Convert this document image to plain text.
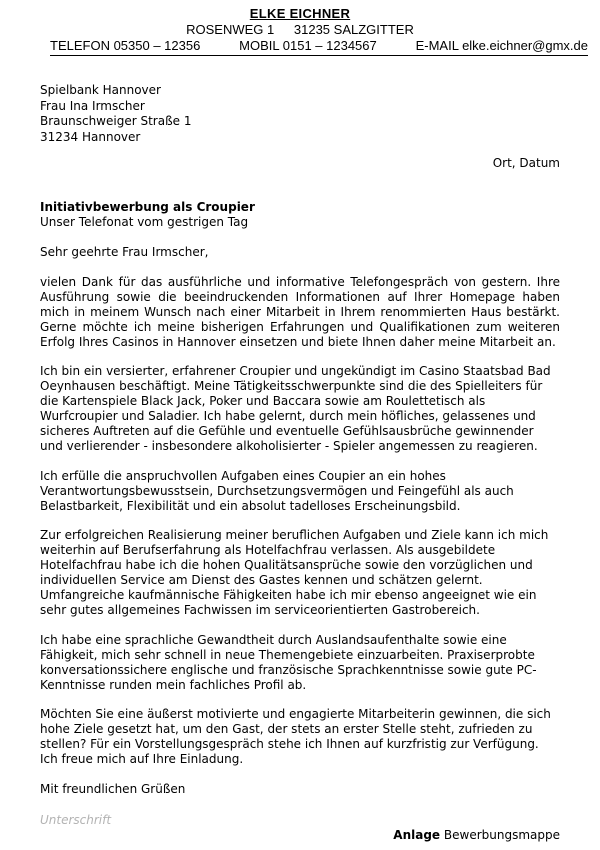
ELKE EICHNER
ROSENWEG 1 31235 SALZGITTER
TELEFON 05350 – 12356	MOBIL 0151 – 1234567	E-MAIL elke.eichner@gmx.de
Spielbank Hannover
Frau Ina Irmscher
Braunschweiger Straße 1
31234 Hannover
Ort, Datum
Initiativbewerbung als Croupier
Unser Telefonat vom gestrigen Tag

Sehr geehrte Frau Irmscher,

vielen Dank für das ausführliche und informative Telefongespräch von gestern. Ihre Ausführung sowie die beeindruckenden Informationen auf Ihrer Homepage haben mich in meinem Wunsch nach einer Mitarbeit in Ihrem renommierten Haus bestärkt. Gerne möchte ich meine bisherigen Erfahrungen und Qualifikationen zum weiteren Erfolg Ihres Casinos in Hannover einsetzen und biete Ihnen daher meine Mitarbeit an.

Ich bin ein versierter, erfahrener Croupier und ungekündigt im Casino Staatsbad Bad Oeynhausen beschäftigt. Meine Tätigkeitsschwerpunkte sind die des Spielleiters für die Kartenspiele Black Jack, Poker und Baccara sowie am Roulettetisch als Wurfcroupier und Saladier. Ich habe gelernt, durch mein höfliches, gelassenes und sicheres Auftreten auf die Gefühle und eventuelle Gefühlsausbrüche gewinnender und verlierender - insbesondere alkoholisierter - Spieler angemessen zu reagieren.

Ich erfülle die anspruchvollen Aufgaben eines Coupier an ein hohes Verantwortungsbewusstsein, Durchsetzungsvermögen und Feingefühl als auch Belastbarkeit, Flexibilität und ein absolut tadelloses Erscheinungsbild.

Zur erfolgreichen Realisierung meiner beruflichen Aufgaben und Ziele kann ich mich weiterhin auf Berufserfahrung als Hotelfachfrau verlassen. Als ausgebildete Hotelfachfrau habe ich die hohen Qualitätsansprüche sowie den vorzüglichen und individuellen Service am Dienst des Gastes kennen und schätzen gelernt. Umfangreiche kaufmännische Fähigkeiten habe ich mir ebenso angeeignet wie ein sehr gutes allgemeines Fachwissen im serviceorientierten Gastrobereich.

Ich habe eine sprachliche Gewandtheit durch Auslandsaufenthalte sowie eine Fähigkeit, mich sehr schnell in neue Themengebiete einzuarbeiten. Praxiserprobte konversationssichere englische und französische Sprachkenntnisse sowie gute PC-Kenntnisse runden mein fachliches Profil ab.

Möchten Sie eine äußerst motivierte und engagierte Mitarbeiterin gewinnen, die sich hohe Ziele gesetzt hat, um den Gast, der stets an erster Stelle steht, zufrieden zu stellen? Für ein Vorstellungsgespräch stehe ich Ihnen auf kurzfristig zur Verfügung. Ich freue mich auf Ihre Einladung.

Mit freundlichen Grüßen

Unterschrift
Anlage Bewerbungsmappe
